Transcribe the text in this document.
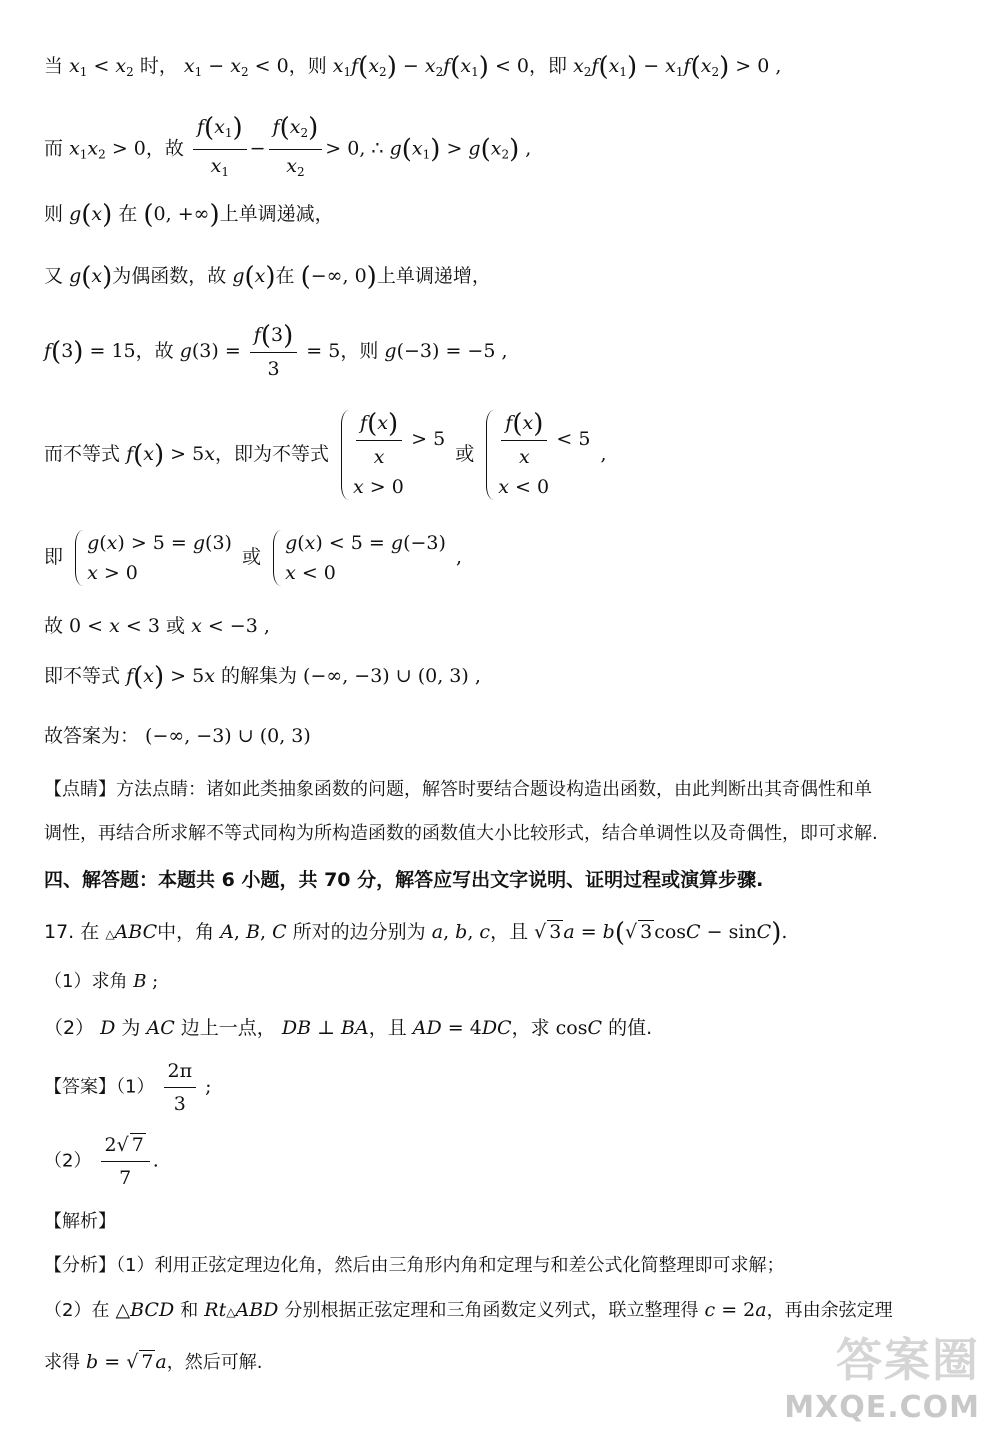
当 $x_1 < x_2$ 时， $x_1 - x_2 < 0$，则 $x_1f(x_2) - x_2f(x_1) < 0$，即 $x_2f(x_1) - x_1f(x_2) > 0$ ,
而 $x_1x_2 > 0$，故 $\frac{f(x_1)}{x_1} - \frac{f(x_2)}{x_2} > 0$, ∴ $g(x_1) > g(x_2)$ ,
则 g(x) 在 (0, +∞)上单调递减，
又 g(x)为偶函数，故 g(x)在 (−∞, 0)上单调递增，
f(3) = 15，故 $g(3) = \frac{f(3)}{3} = 5$，则 g(−3) = −5 ,
而不等式 f(x) > 5x，即为不等式 $\frac{f(x)}{x} > 5$
x > 0
或 $\frac{f(x)}{x} < 5$
x < 0
,
即
g(x) > 5 = g(3)
x > 0
或
g(x) < 5 = g(−3)
x < 0
,
故 0 < x < 3 或 x < −3 ,
即不等式 f(x) > 5x 的解集为 (−∞, −3) ∪ (0, 3) ,
故答案为： (−∞, −3) ∪ (0, 3)
【点睛】方法点睛：诸如此类抽象函数的问题，解答时要结合题设构造出函数，由此判断出其奇偶性和单
调性，再结合所求解不等式同构为所构造函数的函数值大小比较形式，结合单调性以及奇偶性，即可求解.
四、解答题：本题共 6 小题，共 70 分，解答应写出文字说明、证明过程或演算步骤.
17. 在 △ABC中，角 A, B, C 所对的边分别为 a, b, c，且 √ 3 a = b(√ 3 cosC − sinC).
（1）求角 B ;
（2） D 为 AC 边上一点， DB ⊥ BA，且 AD = 4DC，求 cosC 的值.
【答案】$(1) \frac{2\pi}{3}$ ;
$(2) \frac{2√ 7}{7}$ .
【解析】
【分析】（1）利用正弦定理边化角，然后由三角形内角和定理与和差公式化简整理即可求解；
（2）在 △BCD 和 Rt△ABD 分别根据正弦定理和三角函数定义列式，联立整理得 c = 2a，再由余弦定理
求得 b = √ 7 a，然后可解.	答案圈
MXQE.COM
